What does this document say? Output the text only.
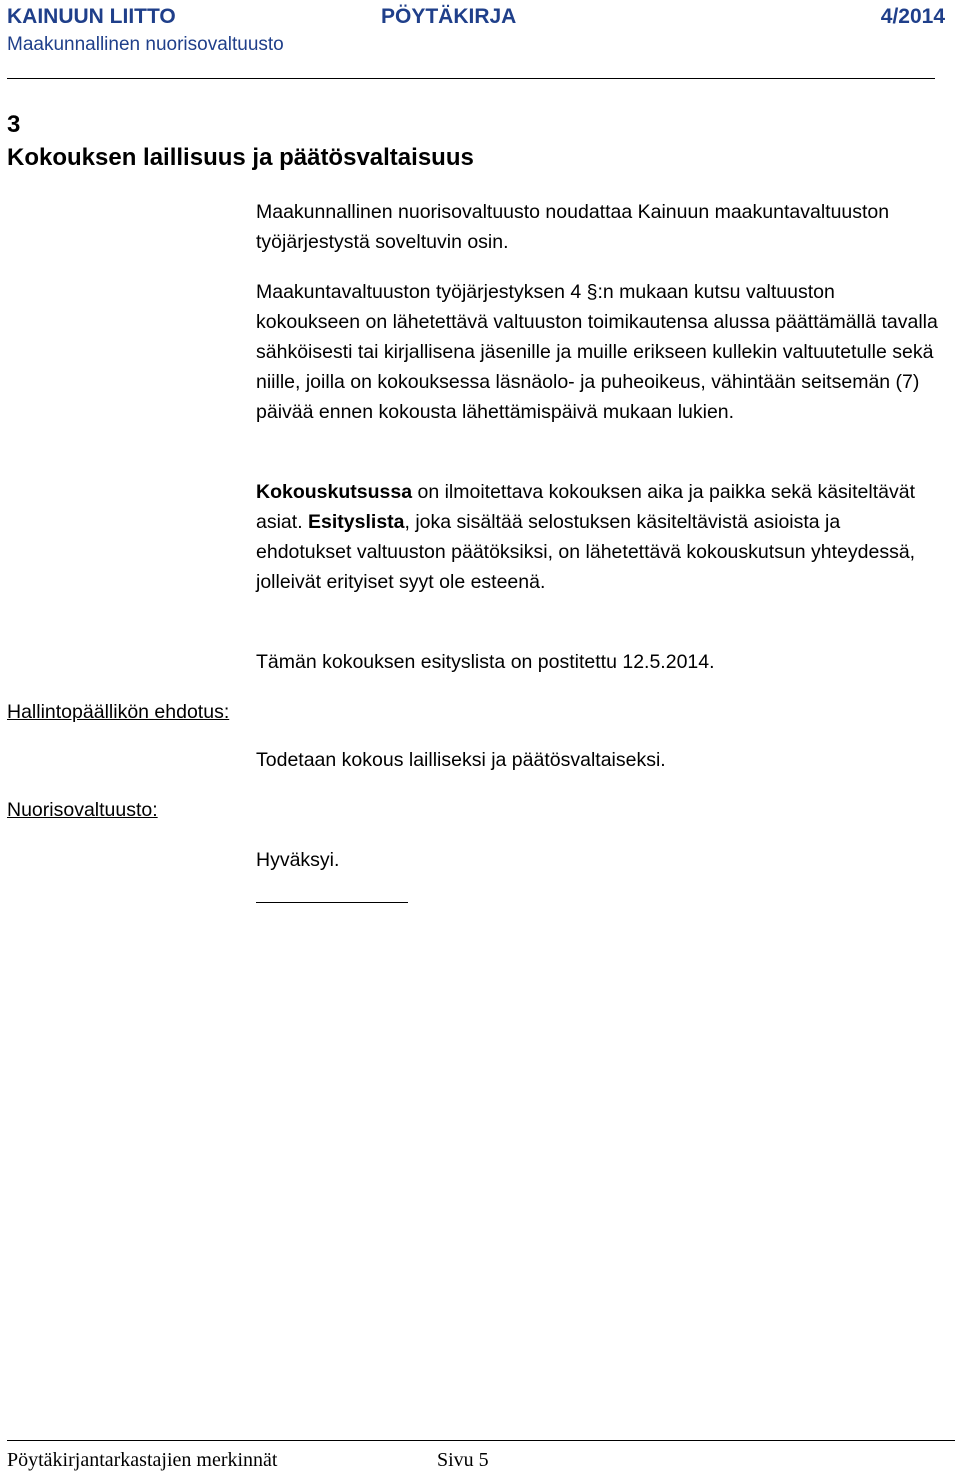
KAINUUN LIITTO	PÖYTÄKIRJA	4/2014
Maakunnallinen nuorisovaltuusto
3
Kokouksen laillisuus ja päätösvaltaisuus

Maakunnallinen nuorisovaltuusto noudattaa Kainuun maakuntavaltuuston työjärjestystä soveltuvin osin.

Maakuntavaltuuston työjärjestyksen 4 §:n mukaan kutsu valtuuston kokoukseen on lähetettävä valtuuston toimikautensa alussa päättämällä tavalla sähköisesti tai kirjallisena jäsenille ja muille erikseen kullekin valtuutetulle sekä niille, joilla on kokouksessa läsnäolo- ja puheoikeus, vähintään seitsemän (7) päivää ennen kokousta lähettämispäivä mukaan lukien.

Kokouskutsussa on ilmoitettava kokouksen aika ja paikka sekä käsiteltävät asiat. Esityslista, joka sisältää selostuksen käsiteltävistä asioista ja ehdotukset valtuuston päätöksiksi, on lähetettävä kokouskutsun yhteydessä, jolleivät erityiset syyt ole esteenä.

Tämän kokouksen esityslista on postitettu 12.5.2014.

Hallintopäällikön ehdotus:

Todetaan kokous lailliseksi ja päätösvaltaiseksi.

Nuorisovaltuusto:

Hyväksyi.

Pöytäkirjantarkastajien merkinnät	Sivu 5
